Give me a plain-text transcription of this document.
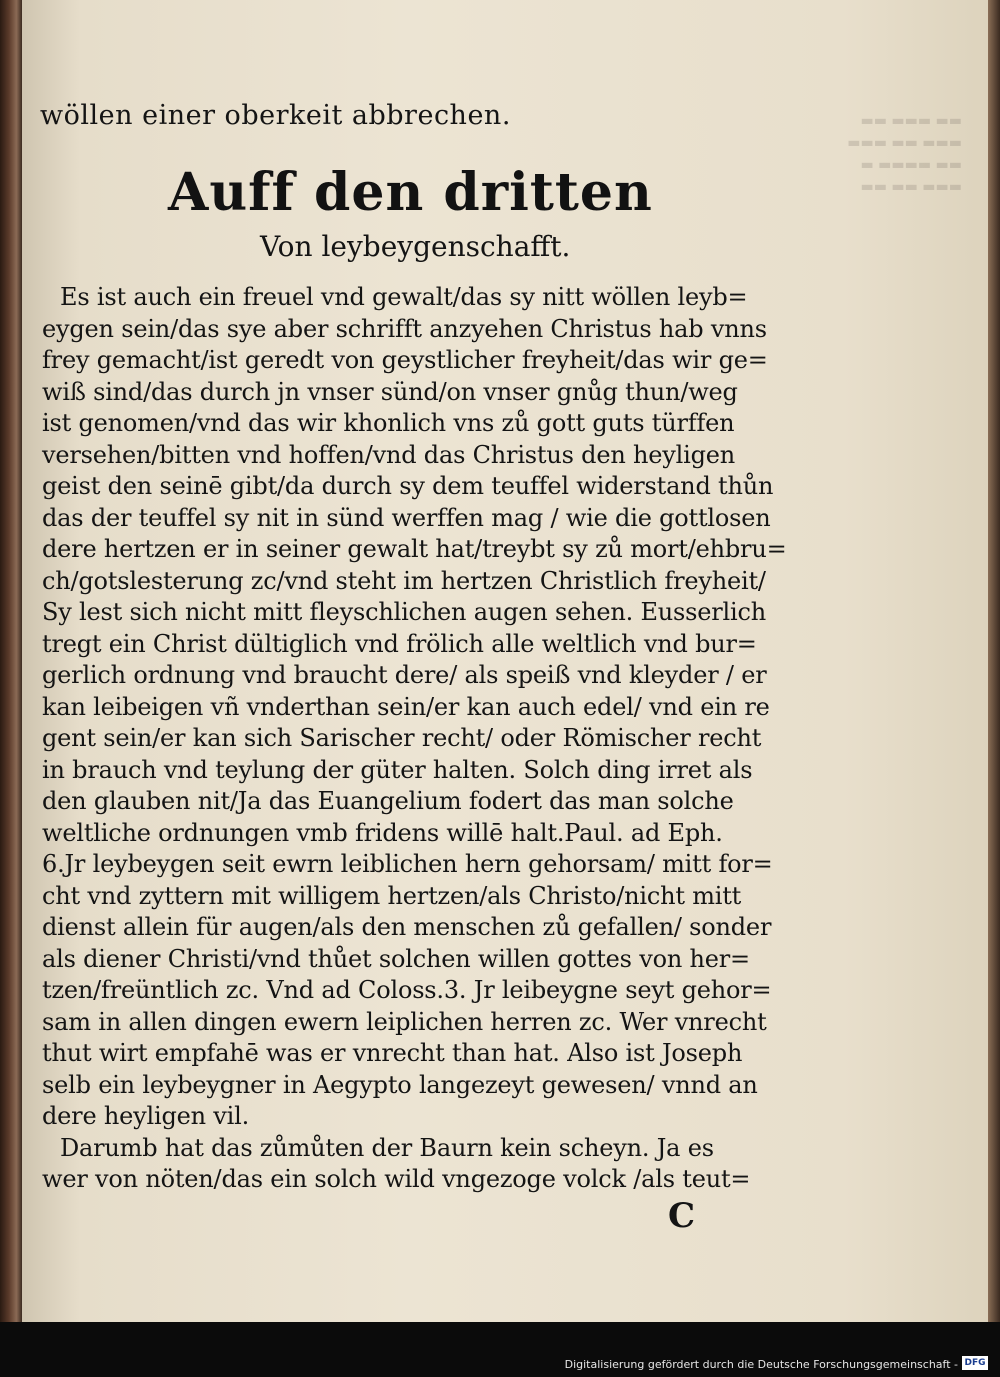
▬▬ ▬▬▬ ▬▬
▬▬▬ ▬▬ ▬▬▬
▬▬ ▬▬▬▬ ▬
▬▬▬ ▬▬ ▬▬
wöllen einer oberkeit abbrechen.
Auff den dritten
Von leybeygenschafft.
Es ist auch ein freuel vnd gewalt/das sy nitt wöllen leyb=
eygen sein/das sye aber schrifft anzyehen Christus hab vnns
frey gemacht/ist geredt von geystlicher freyheit/das wir ge=
wiß sind/das durch jn vnser sünd/on vnser gnůg thun/weg
ist genomen/vnd das wir khonlich vns zů gott guts türffen
versehen/bitten vnd hoffen/vnd das Christus den heyligen
geist den seinē gibt/da durch sy dem teuffel widerstand thůn
das der teuffel sy nit in sünd werffen mag / wie die gottlosen
dere hertzen er in seiner gewalt hat/treybt sy zů mort/ehbru=
ch/gotslesterung zc/vnd steht im hertzen Christlich freyheit/
Sy lest sich nicht mitt fleyschlichen augen sehen. Eusserlich
tregt ein Christ dültiglich vnd frölich alle weltlich vnd bur=
gerlich ordnung vnd braucht dere/ als speiß vnd kleyder / er
kan leibeigen vñ vnderthan sein/er kan auch edel/ vnd ein re
gent sein/er kan sich Sarischer recht/ oder Römischer recht
in brauch vnd teylung der güter halten. Solch ding irret als
den glauben nit/Ja das Euangelium fodert das man solche
weltliche ordnungen vmb fridens willē halt.Paul. ad Eph.
6.Jr leybeygen seit ewrn leiblichen hern gehorsam/ mitt for=
cht vnd zyttern mit willigem hertzen/als Christo/nicht mitt
dienst allein für augen/als den menschen zů gefallen/ sonder
als diener Christi/vnd thůet solchen willen gottes von her=
tzen/freüntlich zc. Vnd ad Coloss.3. Jr leibeygne seyt gehor=
sam in allen dingen ewern leiplichen herren zc. Wer vnrecht
thut wirt empfahē was er vnrecht than hat. Also ist Joseph
selb ein leybeygner in Aegypto langezeyt gewesen/ vnnd an
dere heyligen vil.
Darumb hat das zůmůten der Baurn kein scheyn. Ja es
wer von nöten/das ein solch wild vngezoge volck /als teut=
C
Digitalisierung gefördert durch die Deutsche Forschungsgemeinschaft - DFG
